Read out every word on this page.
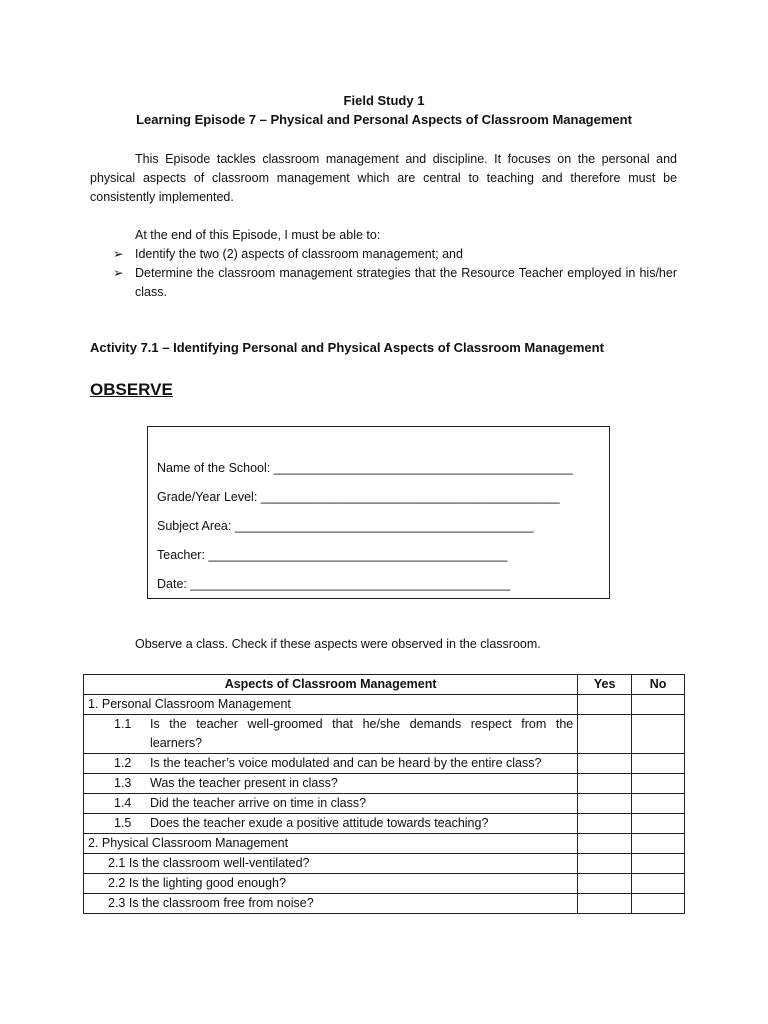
Field Study 1
Learning Episode 7 – Physical and Personal Aspects of Classroom Management
This Episode tackles classroom management and discipline. It focuses on the personal and physical aspects of classroom management which are central to teaching and therefore must be consistently implemented.
At the end of this Episode, I must be able to:
➢ Identify the two (2) aspects of classroom management; and
➢ Determine the classroom management strategies that the Resource Teacher employed in his/her class.
Activity 7.1 – Identifying Personal and Physical Aspects of Classroom Management
OBSERVE
Name of the School: ___________________________________________
Grade/Year Level: ___________________________________________
Subject Area: ___________________________________________
Teacher: ___________________________________________
Date: ______________________________________________
Observe a class. Check if these aspects were observed in the classroom.
Aspects of Classroom Management	Yes	No
1. Personal Classroom Management		

1.1 Is the teacher well-groomed that he/she demands respect from the learners?		

1.2 Is the teacher’s voice modulated and can be heard by the entire class?		

1.3 Was the teacher present in class?		

1.4 Did the teacher arrive on time in class?		

1.5 Does the teacher exude a positive attitude towards teaching?		

2. Physical Classroom Management		
2.1 Is the classroom well-ventilated?		
2.2 Is the lighting good enough?		
2.3 Is the classroom free from noise?		
